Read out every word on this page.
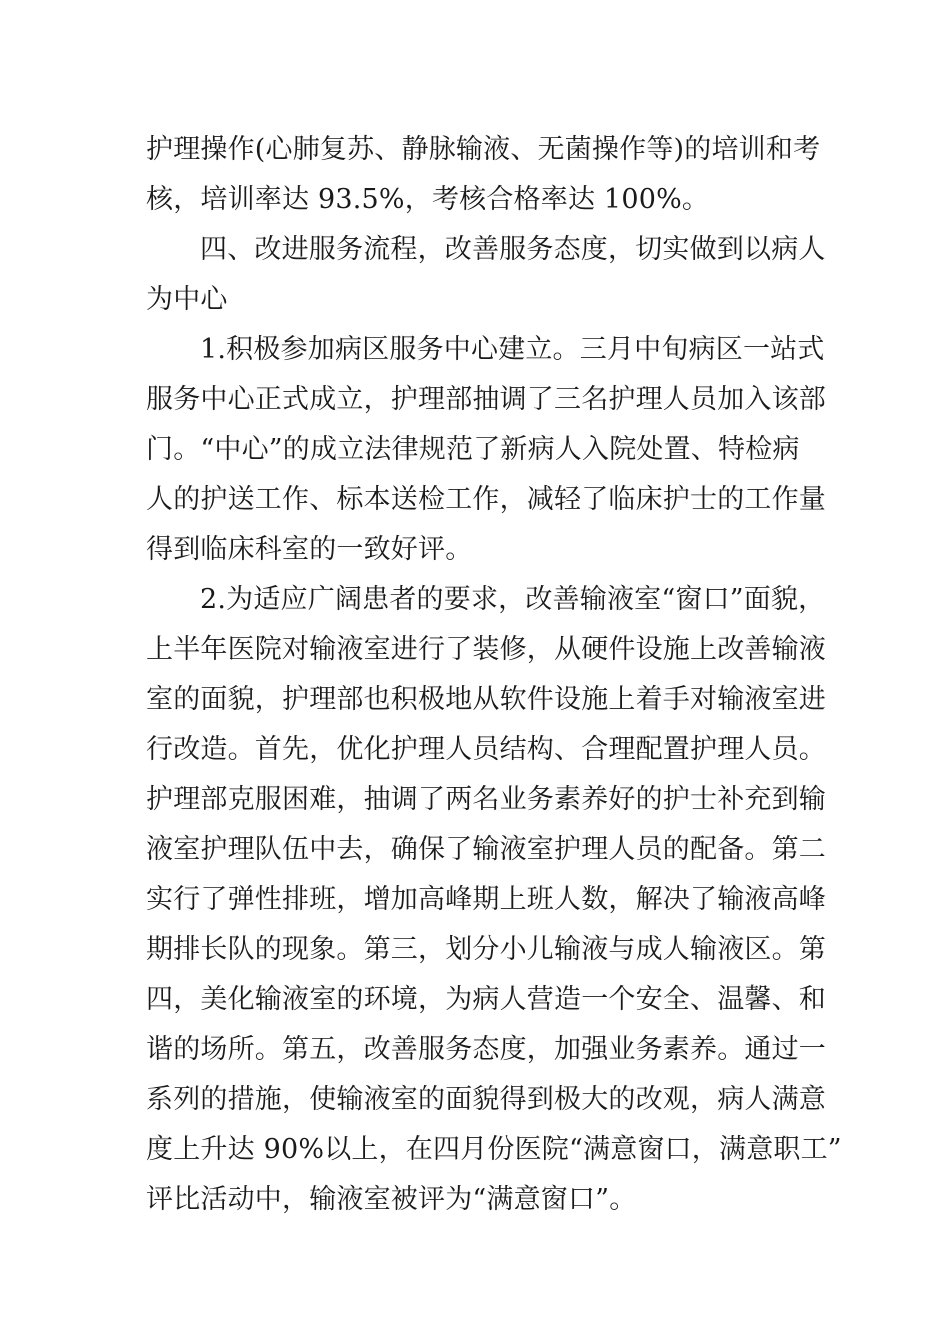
护理操作(心肺复苏、静脉输液、无菌操作等)的培训和考
核，培训率达 93.5%，考核合格率达 100%。
四、改进服务流程，改善服务态度，切实做到以病人
为中心
1.积极参加病区服务中心建立。三月中旬病区一站式
服务中心正式成立，护理部抽调了三名护理人员加入该部
门。“中心”的成立法律规范了新病人入院处置、特检病
人的护送工作、标本送检工作，减轻了临床护士的工作量
得到临床科室的一致好评。
2.为适应广阔患者的要求，改善输液室“窗口”面貌，
上半年医院对输液室进行了装修，从硬件设施上改善输液
室的面貌，护理部也积极地从软件设施上着手对输液室进
行改造。首先，优化护理人员结构、合理配置护理人员。
护理部克服困难，抽调了两名业务素养好的护士补充到输
液室护理队伍中去，确保了输液室护理人员的配备。第二
实行了弹性排班，增加高峰期上班人数，解决了输液高峰
期排长队的现象。第三，划分小儿输液与成人输液区。第
四，美化输液室的环境，为病人营造一个安全、温馨、和
谐的场所。第五，改善服务态度，加强业务素养。通过一
系列的措施，使输液室的面貌得到极大的改观，病人满意
度上升达 90%以上，在四月份医院“满意窗口，满意职工”
评比活动中，输液室被评为“满意窗口”。
